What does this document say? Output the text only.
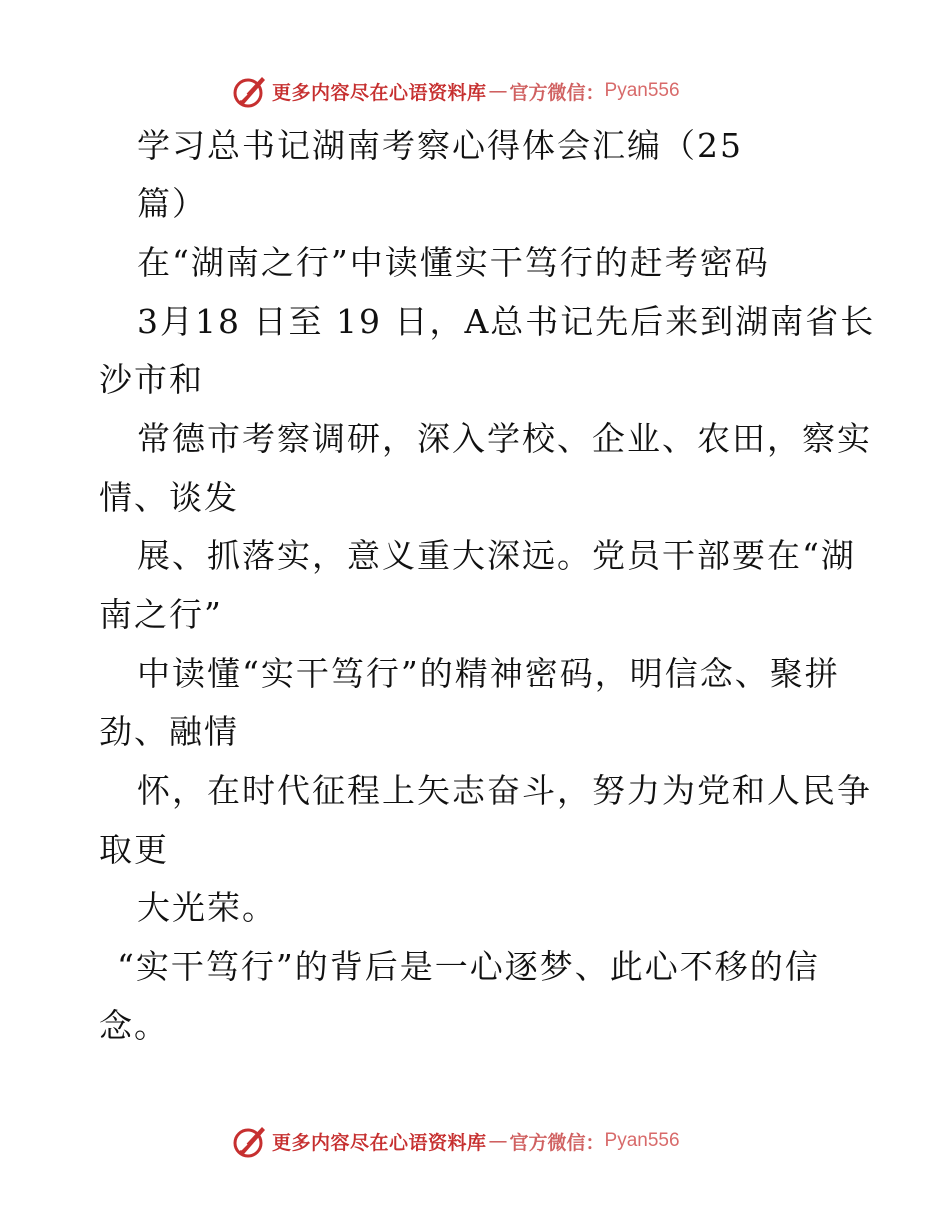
更多内容尽在心语资料库 — 官方微信： Pyan556
学习总书记湖南考察心得体会汇编（25
篇）
在“湖南之行”中读懂实干笃行的赶考密码
3月18 日至 19 日，A总书记先后来到湖南省长
沙市和
常德市考察调研，深入学校、企业、农田，察实
情、谈发
展、抓落实，意义重大深远。党员干部要在“湖
南之行”
中读懂“实干笃行”的精神密码，明信念、聚拼
劲、融情
怀，在时代征程上矢志奋斗，努力为党和人民争
取更
大光荣。
“实干笃行”的背后是一心逐梦、此心不移的信
念。
更多内容尽在心语资料库 — 官方微信： Pyan556
